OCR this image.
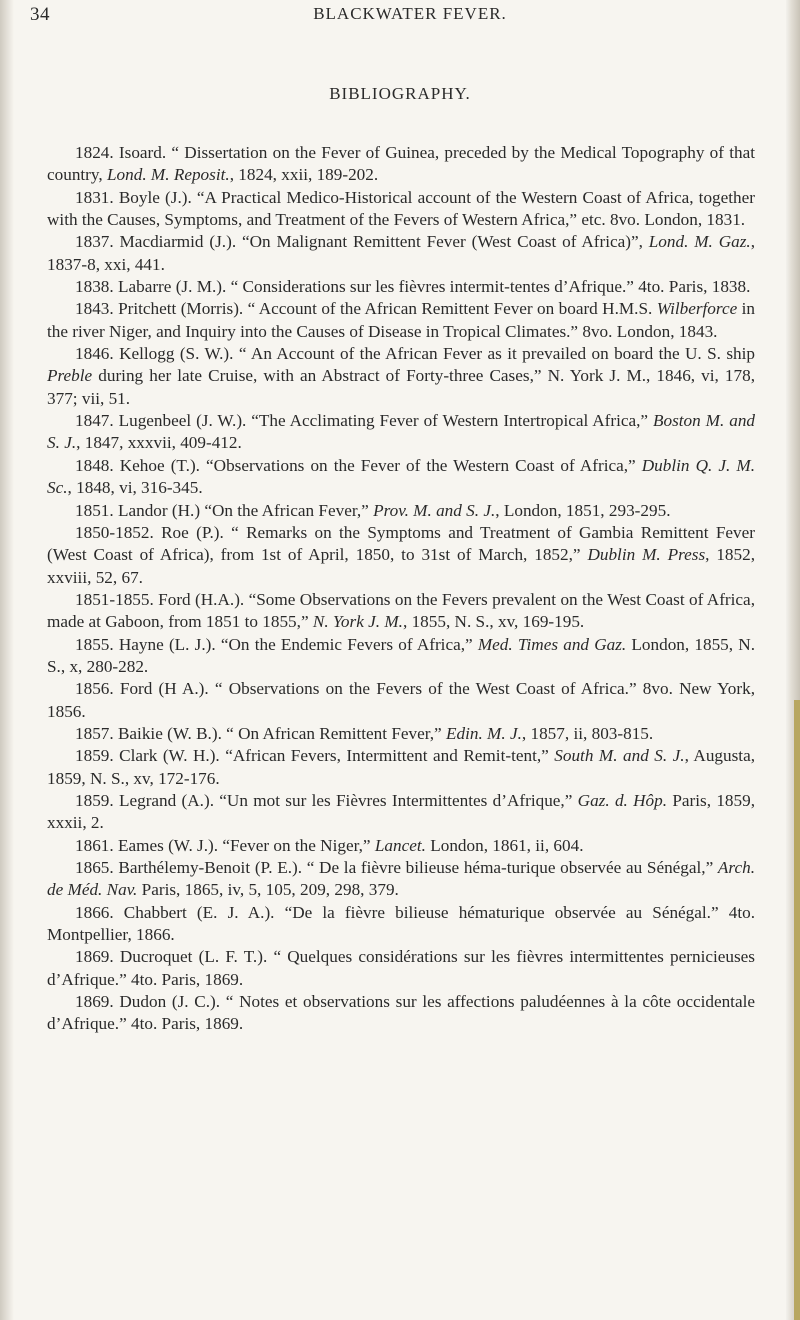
34	BLACKWATER FEVER.
BIBLIOGRAPHY.

1824. Isoard. “ Dissertation on the Fever of Guinea, preceded by the Medical Topography of that country, Lond. M. Reposit., 1824, xxii, 189-202.

1831. Boyle (J.). “A Practical Medico-Historical account of the Western Coast of Africa, together with the Causes, Symptoms, and Treatment of the Fevers of Western Africa,” etc. 8vo. London, 1831.

1837. Macdiarmid (J.). “On Malignant Remittent Fever (West Coast of Africa)”, Lond. M. Gaz., 1837-8, xxi, 441.

1838. Labarre (J. M.). “ Considerations sur les fièvres intermit-tentes d’Afrique.” 4to. Paris, 1838.

1843. Pritchett (Morris). “ Account of the African Remittent Fever on board H.M.S. Wilberforce in the river Niger, and Inquiry into the Causes of Disease in Tropical Climates.” 8vo. London, 1843.

1846. Kellogg (S. W.). “ An Account of the African Fever as it prevailed on board the U. S. ship Preble during her late Cruise, with an Abstract of Forty-three Cases,” N. York J. M., 1846, vi, 178, 377; vii, 51.

1847. Lugenbeel (J. W.). “The Acclimating Fever of Western Intertropical Africa,” Boston M. and S. J., 1847, xxxvii, 409-412.

1848. Kehoe (T.). “Observations on the Fever of the Western Coast of Africa,” Dublin Q. J. M. Sc., 1848, vi, 316-345.

1851. Landor (H.) “On the African Fever,” Prov. M. and S. J., London, 1851, 293-295.

1850-1852. Roe (P.). “ Remarks on the Symptoms and Treatment of Gambia Remittent Fever (West Coast of Africa), from 1st of April, 1850, to 31st of March, 1852,” Dublin M. Press, 1852, xxviii, 52, 67.

1851-1855. Ford (H.A.). “Some Observations on the Fevers prevalent on the West Coast of Africa, made at Gaboon, from 1851 to 1855,” N. York J. M., 1855, N. S., xv, 169-195.

1855. Hayne (L. J.). “On the Endemic Fevers of Africa,” Med. Times and Gaz. London, 1855, N. S., x, 280-282.

1856. Ford (H A.). “ Observations on the Fevers of the West Coast of Africa.” 8vo. New York, 1856.

1857. Baikie (W. B.). “ On African Remittent Fever,” Edin. M. J., 1857, ii, 803-815.

1859. Clark (W. H.). “African Fevers, Intermittent and Remit-tent,” South M. and S. J., Augusta, 1859, N. S., xv, 172-176.

1859. Legrand (A.). “Un mot sur les Fièvres Intermittentes d’Afrique,” Gaz. d. Hôp. Paris, 1859, xxxii, 2.

1861. Eames (W. J.). “Fever on the Niger,” Lancet. London, 1861, ii, 604.

1865. Barthélemy-Benoit (P. E.). “ De la fièvre bilieuse héma-turique observée au Sénégal,” Arch. de Méd. Nav. Paris, 1865, iv, 5, 105, 209, 298, 379.

1866. Chabbert (E. J. A.). “De la fièvre bilieuse hématurique observée au Sénégal.” 4to. Montpellier, 1866.

1869. Ducroquet (L. F. T.). “ Quelques considérations sur les fièvres intermittentes pernicieuses d’Afrique.” 4to. Paris, 1869.

1869. Dudon (J. C.). “ Notes et observations sur les affections paludéennes à la côte occidentale d’Afrique.” 4to. Paris, 1869.
